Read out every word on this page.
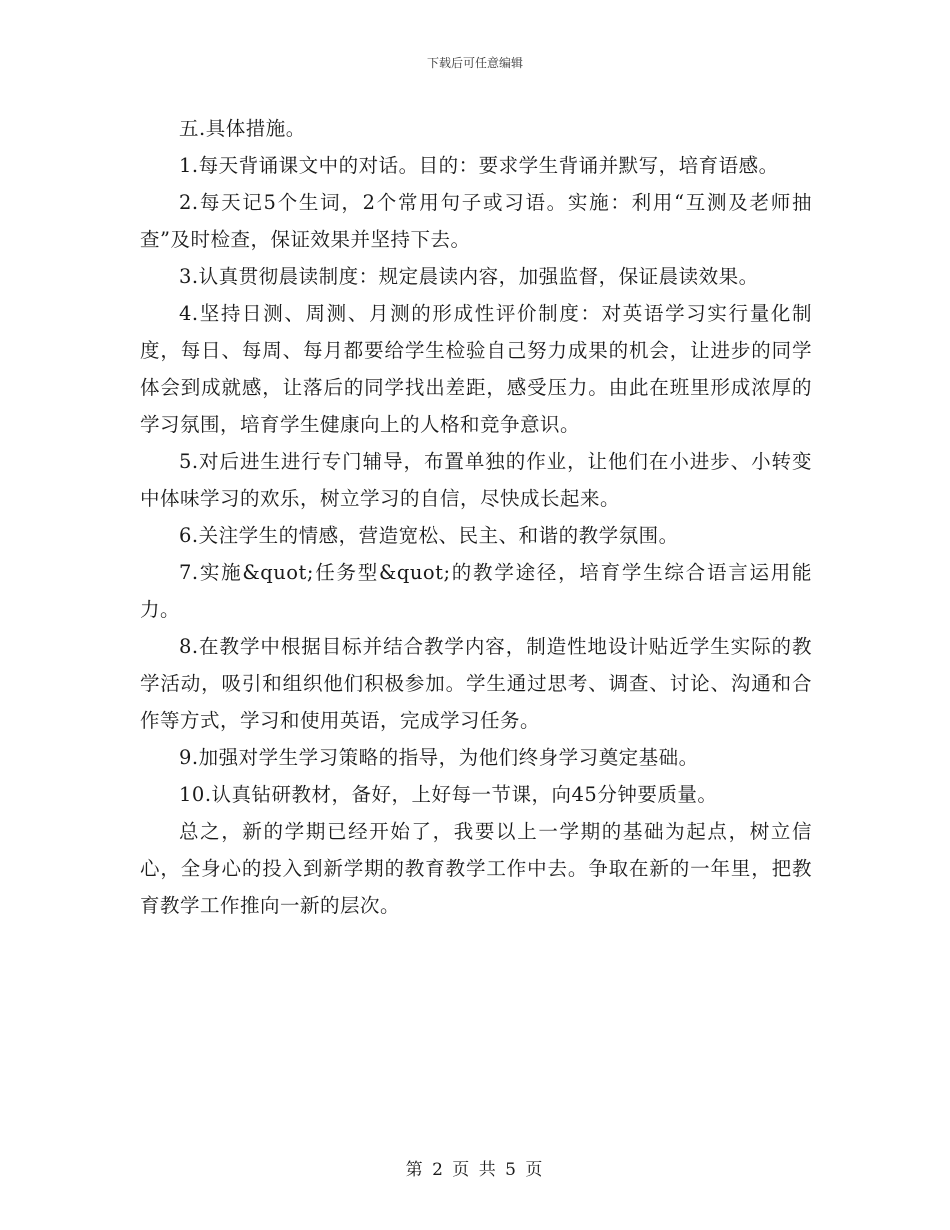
下载后可任意编辑

五.具体措施。

1.每天背诵课文中的对话。目的：要求学生背诵并默写，培育语感。

2.每天记5个生词，2个常用句子或习语。实施：利用“互测及老师抽查”及时检查，保证效果并坚持下去。

3.认真贯彻晨读制度：规定晨读内容，加强监督，保证晨读效果。

4.坚持日测、周测、月测的形成性评价制度：对英语学习实行量化制度，每日、每周、每月都要给学生检验自己努力成果的机会，让进步的同学体会到成就感，让落后的同学找出差距，感受压力。由此在班里形成浓厚的学习氛围，培育学生健康向上的人格和竞争意识。

5.对后进生进行专门辅导，布置单独的作业，让他们在小进步、小转变中体味学习的欢乐，树立学习的自信，尽快成长起来。

6.关注学生的情感，营造宽松、民主、和谐的教学氛围。

7.实施&quot;任务型&quot;的教学途径，培育学生综合语言运用能力。

8.在教学中根据目标并结合教学内容，制造性地设计贴近学生实际的教学活动，吸引和组织他们积极参加。学生通过思考、调查、讨论、沟通和合作等方式，学习和使用英语，完成学习任务。

9.加强对学生学习策略的指导，为他们终身学习奠定基础。

10.认真钻研教材，备好，上好每一节课，向45分钟要质量。

总之，新的学期已经开始了，我要以上一学期的基础为起点，树立信心，全身心的投入到新学期的教育教学工作中去。争取在新的一年里，把教育教学工作推向一新的层次。

第 2 页 共 5 页
